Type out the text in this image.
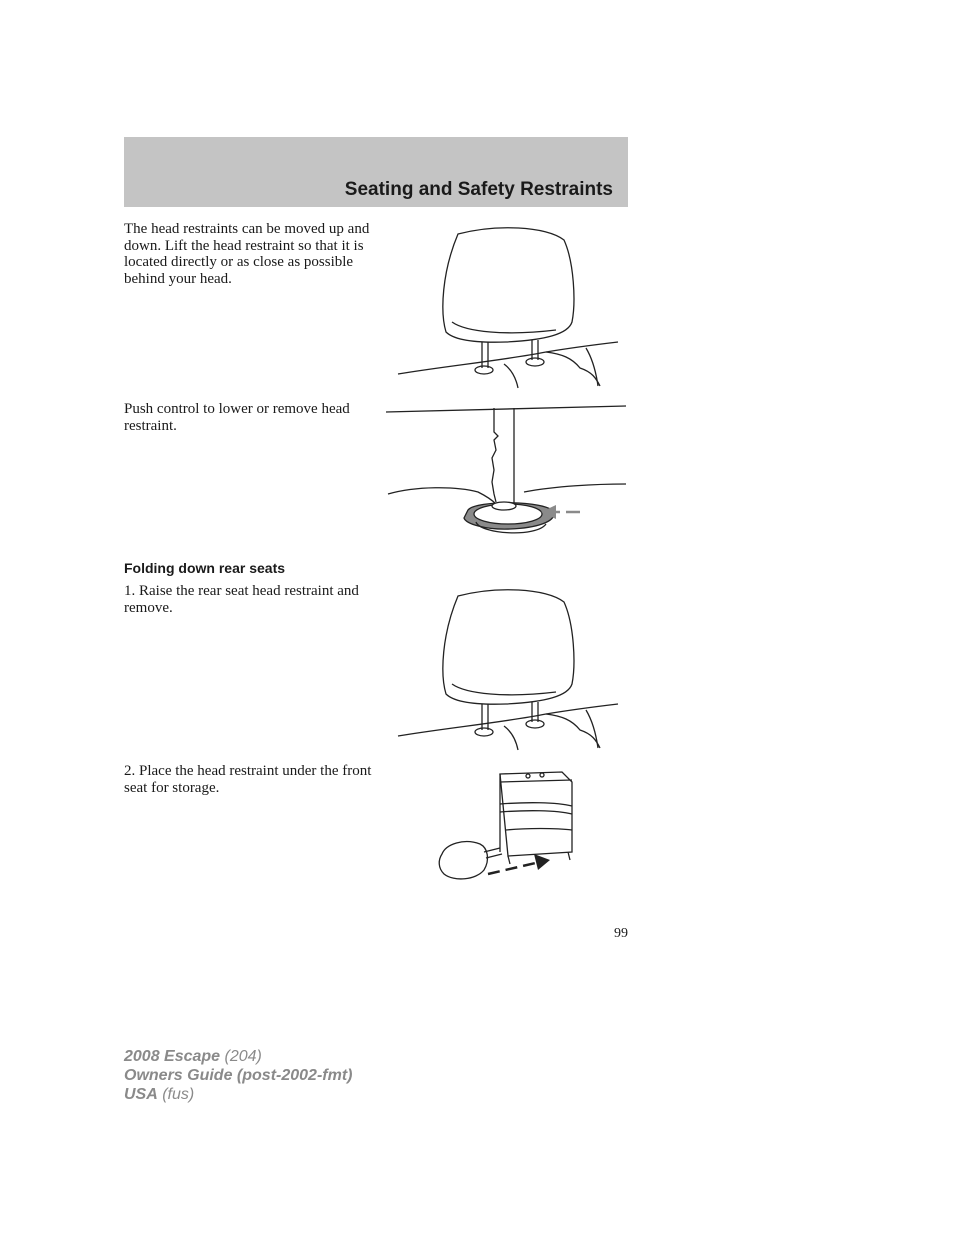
Seating and Safety Restraints
The head restraints can be moved up and down. Lift the head restraint so that it is located directly or as close as possible behind your head.
Push control to lower or remove head restraint.
Folding down rear seats
1. Raise the rear seat head restraint and remove.
2. Place the head restraint under the front seat for storage.
99
2008 Escape (204)
Owners Guide (post-2002-fmt)
USA (fus)
